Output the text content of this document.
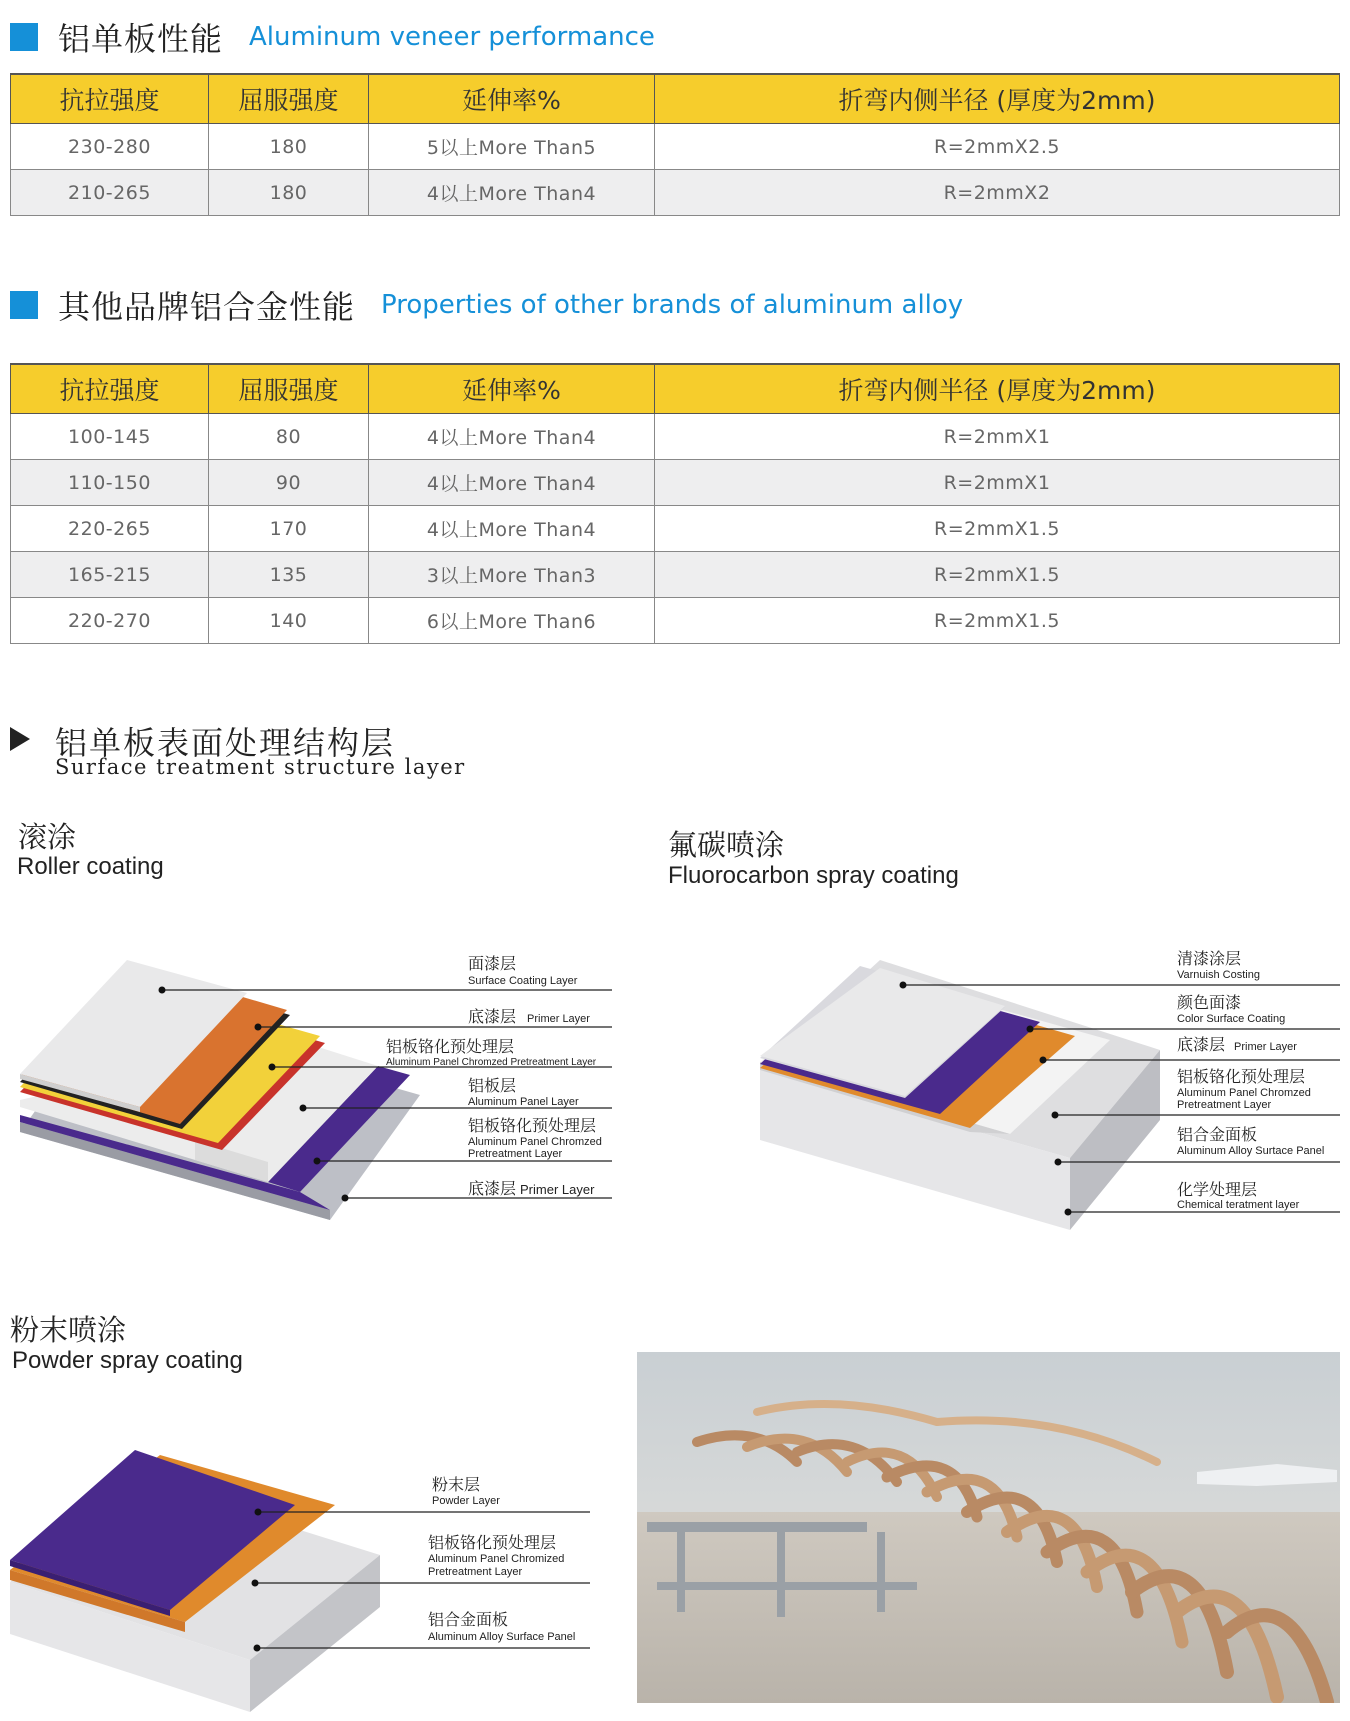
铝单板性能 Aluminum veneer performance
抗拉强度	屈服强度	延伸率%	折弯内侧半径 (厚度为2mm)
230-280	180	5以上More Than5	R=2mmX2.5
210-265	180	4以上More Than4	R=2mmX2
其他品牌铝合金性能 Properties of other brands of aluminum alloy
抗拉强度	屈服强度	延伸率%	折弯内侧半径 (厚度为2mm)
100-145	80	4以上More Than4	R=2mmX1
110-150	90	4以上More Than4	R=2mmX1
220-265	170	4以上More Than4	R=2mmX1.5
165-215	135	3以上More Than3	R=2mmX1.5
220-270	140	6以上More Than6	R=2mmX1.5
铝单板表面处理结构层
Surface treatment structure layer
滚涂
Roller coating
氟碳喷涂
Fluorocarbon spray coating
粉末喷涂
Powder spray coating
面漆层
Surface Coating Layer
底漆层 Primer Layer
铝板铬化预处理层
Aluminum Panel Chromzed Pretreatment Layer
铝板层
Aluminum Panel Layer
铝板铬化预处理层
Aluminum Panel Chromzed
Pretreatment Layer
底漆层 Primer Layer
清漆涂层
Varnuish Costing
颜色面漆
Color Surface Coating
底漆层 Primer Layer
铝板铬化预处理层
Aluminum Panel Chromzed
Pretreatment Layer
铝合金面板
Aluminum Alloy Surtace Panel
化学处理层
Chemical teratment layer
粉末层
Powder Layer
铝板铬化预处理层
Aluminum Panel Chromized
Pretreatment Layer
铝合金面板
Aluminum Alloy Surface Panel
